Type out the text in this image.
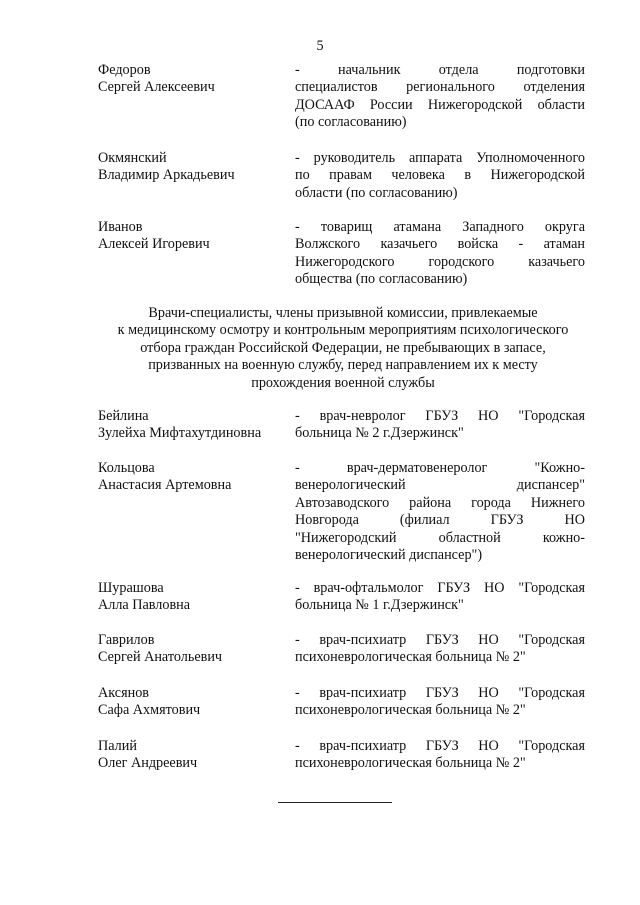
5
Федоров
Сергей Алексеевич
- начальник отдела подготовки
специалистов регионального отделения
ДОСААФ России Нижегородской области
(по согласованию)
Окмянский
Владимир Аркадьевич
- руководитель аппарата Уполномоченного
по правам человека в Нижегородской
области (по согласованию)
Иванов
Алексей Игоревич
- товарищ атамана Западного округа
Волжского казачьего войска - атаман
Нижегородского городского казачьего
общества (по согласованию)
Врачи-специалисты, члены призывной комиссии, привлекаемые
к медицинскому осмотру и контрольным мероприятиям психологического
отбора граждан Российской Федерации, не пребывающих в запасе,
призванных на военную службу, перед направлением их к месту
прохождения военной службы
Бейлина
Зулейха Мифтахутдиновна
- врач-невролог ГБУЗ НО "Городская
больница № 2 г.Дзержинск"
Кольцова
Анастасия Артемовна
- врач-дерматовенеролог "Кожно-
венерологический диспансер"
Автозаводского района города Нижнего
Новгорода (филиал ГБУЗ НО
"Нижегородский областной кожно-
венерологический диспансер")
Шурашова
Алла Павловна
- врач-офтальмолог ГБУЗ НО "Городская
больница № 1 г.Дзержинск"
Гаврилов
Сергей Анатольевич
- врач-психиатр ГБУЗ НО "Городская
психоневрологическая больница № 2"
Аксянов
Сафа Ахмятович
- врач-психиатр ГБУЗ НО "Городская
психоневрологическая больница № 2"
Палий
Олег Андреевич
- врач-психиатр ГБУЗ НО "Городская
психоневрологическая больница № 2"
